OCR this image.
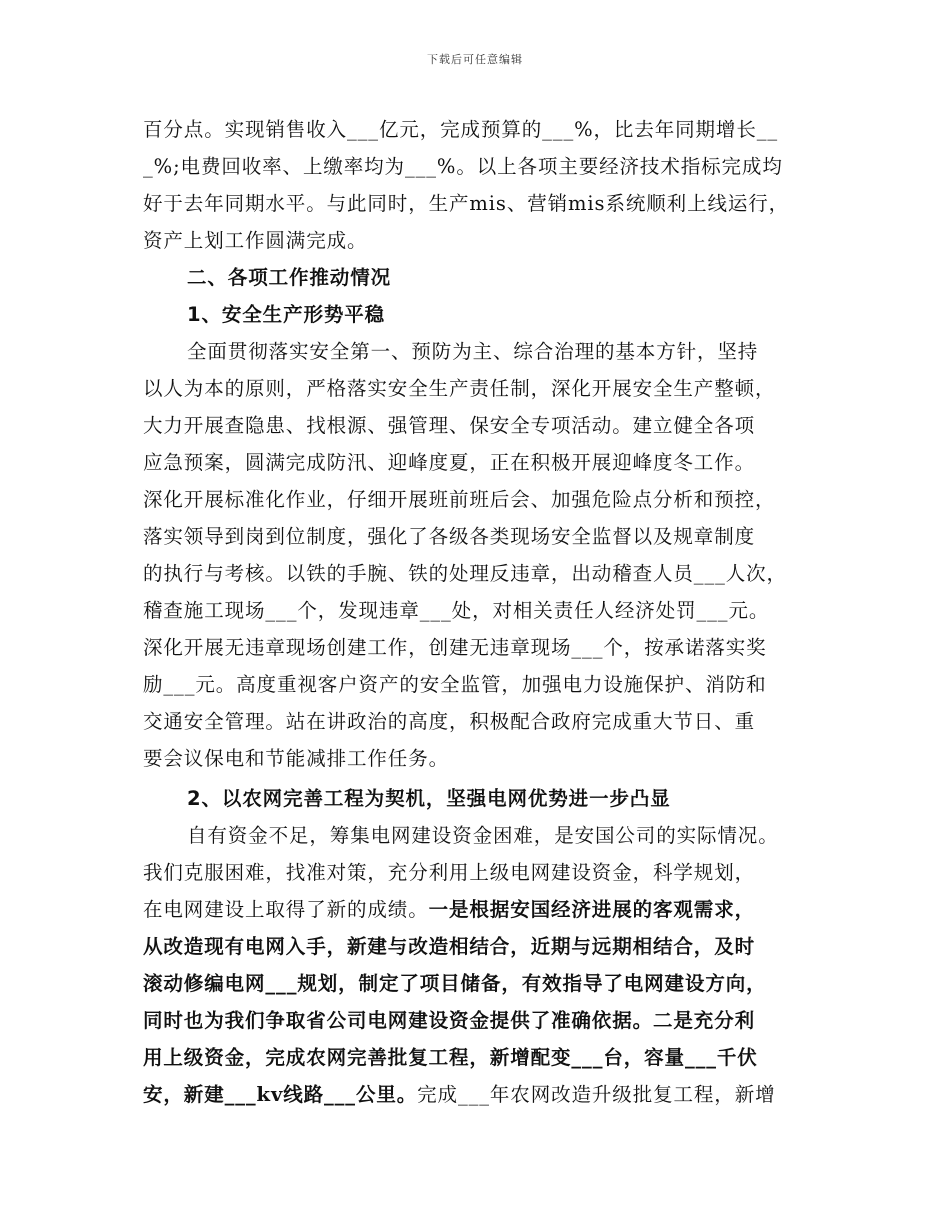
下载后可任意编辑
百分点。实现销售收入___亿元，完成预算的___%，比去年同期增长__
_%;电费回收率、上缴率均为___%。以上各项主要经济技术指标完成均
好于去年同期水平。与此同时，生产mis、营销mis系统顺利上线运行，
资产上划工作圆满完成。
二、各项工作推动情况
1、安全生产形势平稳
全面贯彻落实安全第一、预防为主、综合治理的基本方针，坚持
以人为本的原则，严格落实安全生产责任制，深化开展安全生产整顿，
大力开展查隐患、找根源、强管理、保安全专项活动。建立健全各项
应急预案，圆满完成防汛、迎峰度夏，正在积极开展迎峰度冬工作。
深化开展标准化作业，仔细开展班前班后会、加强危险点分析和预控，
落实领导到岗到位制度，强化了各级各类现场安全监督以及规章制度
的执行与考核。以铁的手腕、铁的处理反违章，出动稽查人员___人次，
稽查施工现场___个，发现违章___处，对相关责任人经济处罚___元。
深化开展无违章现场创建工作，创建无违章现场___个，按承诺落实奖
励___元。高度重视客户资产的安全监管，加强电力设施保护、消防和
交通安全管理。站在讲政治的高度，积极配合政府完成重大节日、重
要会议保电和节能减排工作任务。
2、以农网完善工程为契机，坚强电网优势进一步凸显
自有资金不足，筹集电网建设资金困难，是安国公司的实际情况。
我们克服困难，找准对策，充分利用上级电网建设资金，科学规划，
在电网建设上取得了新的成绩。一是根据安国经济进展的客观需求，
从改造现有电网入手，新建与改造相结合，近期与远期相结合，及时
滚动修编电网___规划，制定了项目储备，有效指导了电网建设方向，
同时也为我们争取省公司电网建设资金提供了准确依据。二是充分利
用上级资金，完成农网完善批复工程，新增配变___台，容量___千伏
安，新建___kv线路___公里。完成___年农网改造升级批复工程，新增
